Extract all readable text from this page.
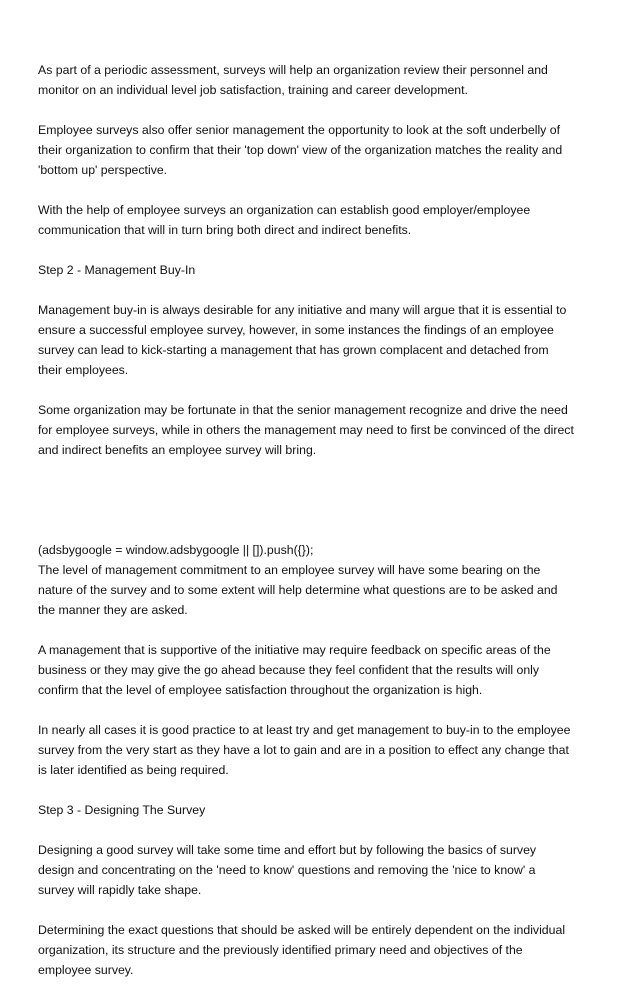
As part of a periodic assessment, surveys will help an organization review their personnel and
monitor on an individual level job satisfaction, training and career development.

Employee surveys also offer senior management the opportunity to look at the soft underbelly of
their organization to confirm that their 'top down' view of the organization matches the reality and
'bottom up' perspective.

With the help of employee surveys an organization can establish good employer/employee
communication that will in turn bring both direct and indirect benefits.

Step 2 - Management Buy-In

Management buy-in is always desirable for any initiative and many will argue that it is essential to
ensure a successful employee survey, however, in some instances the findings of an employee
survey can lead to kick-starting a management that has grown complacent and detached from
their employees.

Some organization may be fortunate in that the senior management recognize and drive the need
for employee surveys, while in others the management may need to first be convinced of the direct
and indirect benefits an employee survey will bring.

(adsbygoogle = window.adsbygoogle || []).push({});

The level of management commitment to an employee survey will have some bearing on the
nature of the survey and to some extent will help determine what questions are to be asked and
the manner they are asked.

A management that is supportive of the initiative may require feedback on specific areas of the
business or they may give the go ahead because they feel confident that the results will only
confirm that the level of employee satisfaction throughout the organization is high.

In nearly all cases it is good practice to at least try and get management to buy-in to the employee
survey from the very start as they have a lot to gain and are in a position to effect any change that
is later identified as being required.

Step 3 - Designing The Survey

Designing a good survey will take some time and effort but by following the basics of survey
design and concentrating on the 'need to know' questions and removing the 'nice to know' a
survey will rapidly take shape.

Determining the exact questions that should be asked will be entirely dependent on the individual
organization, its structure and the previously identified primary need and objectives of the
employee survey.
